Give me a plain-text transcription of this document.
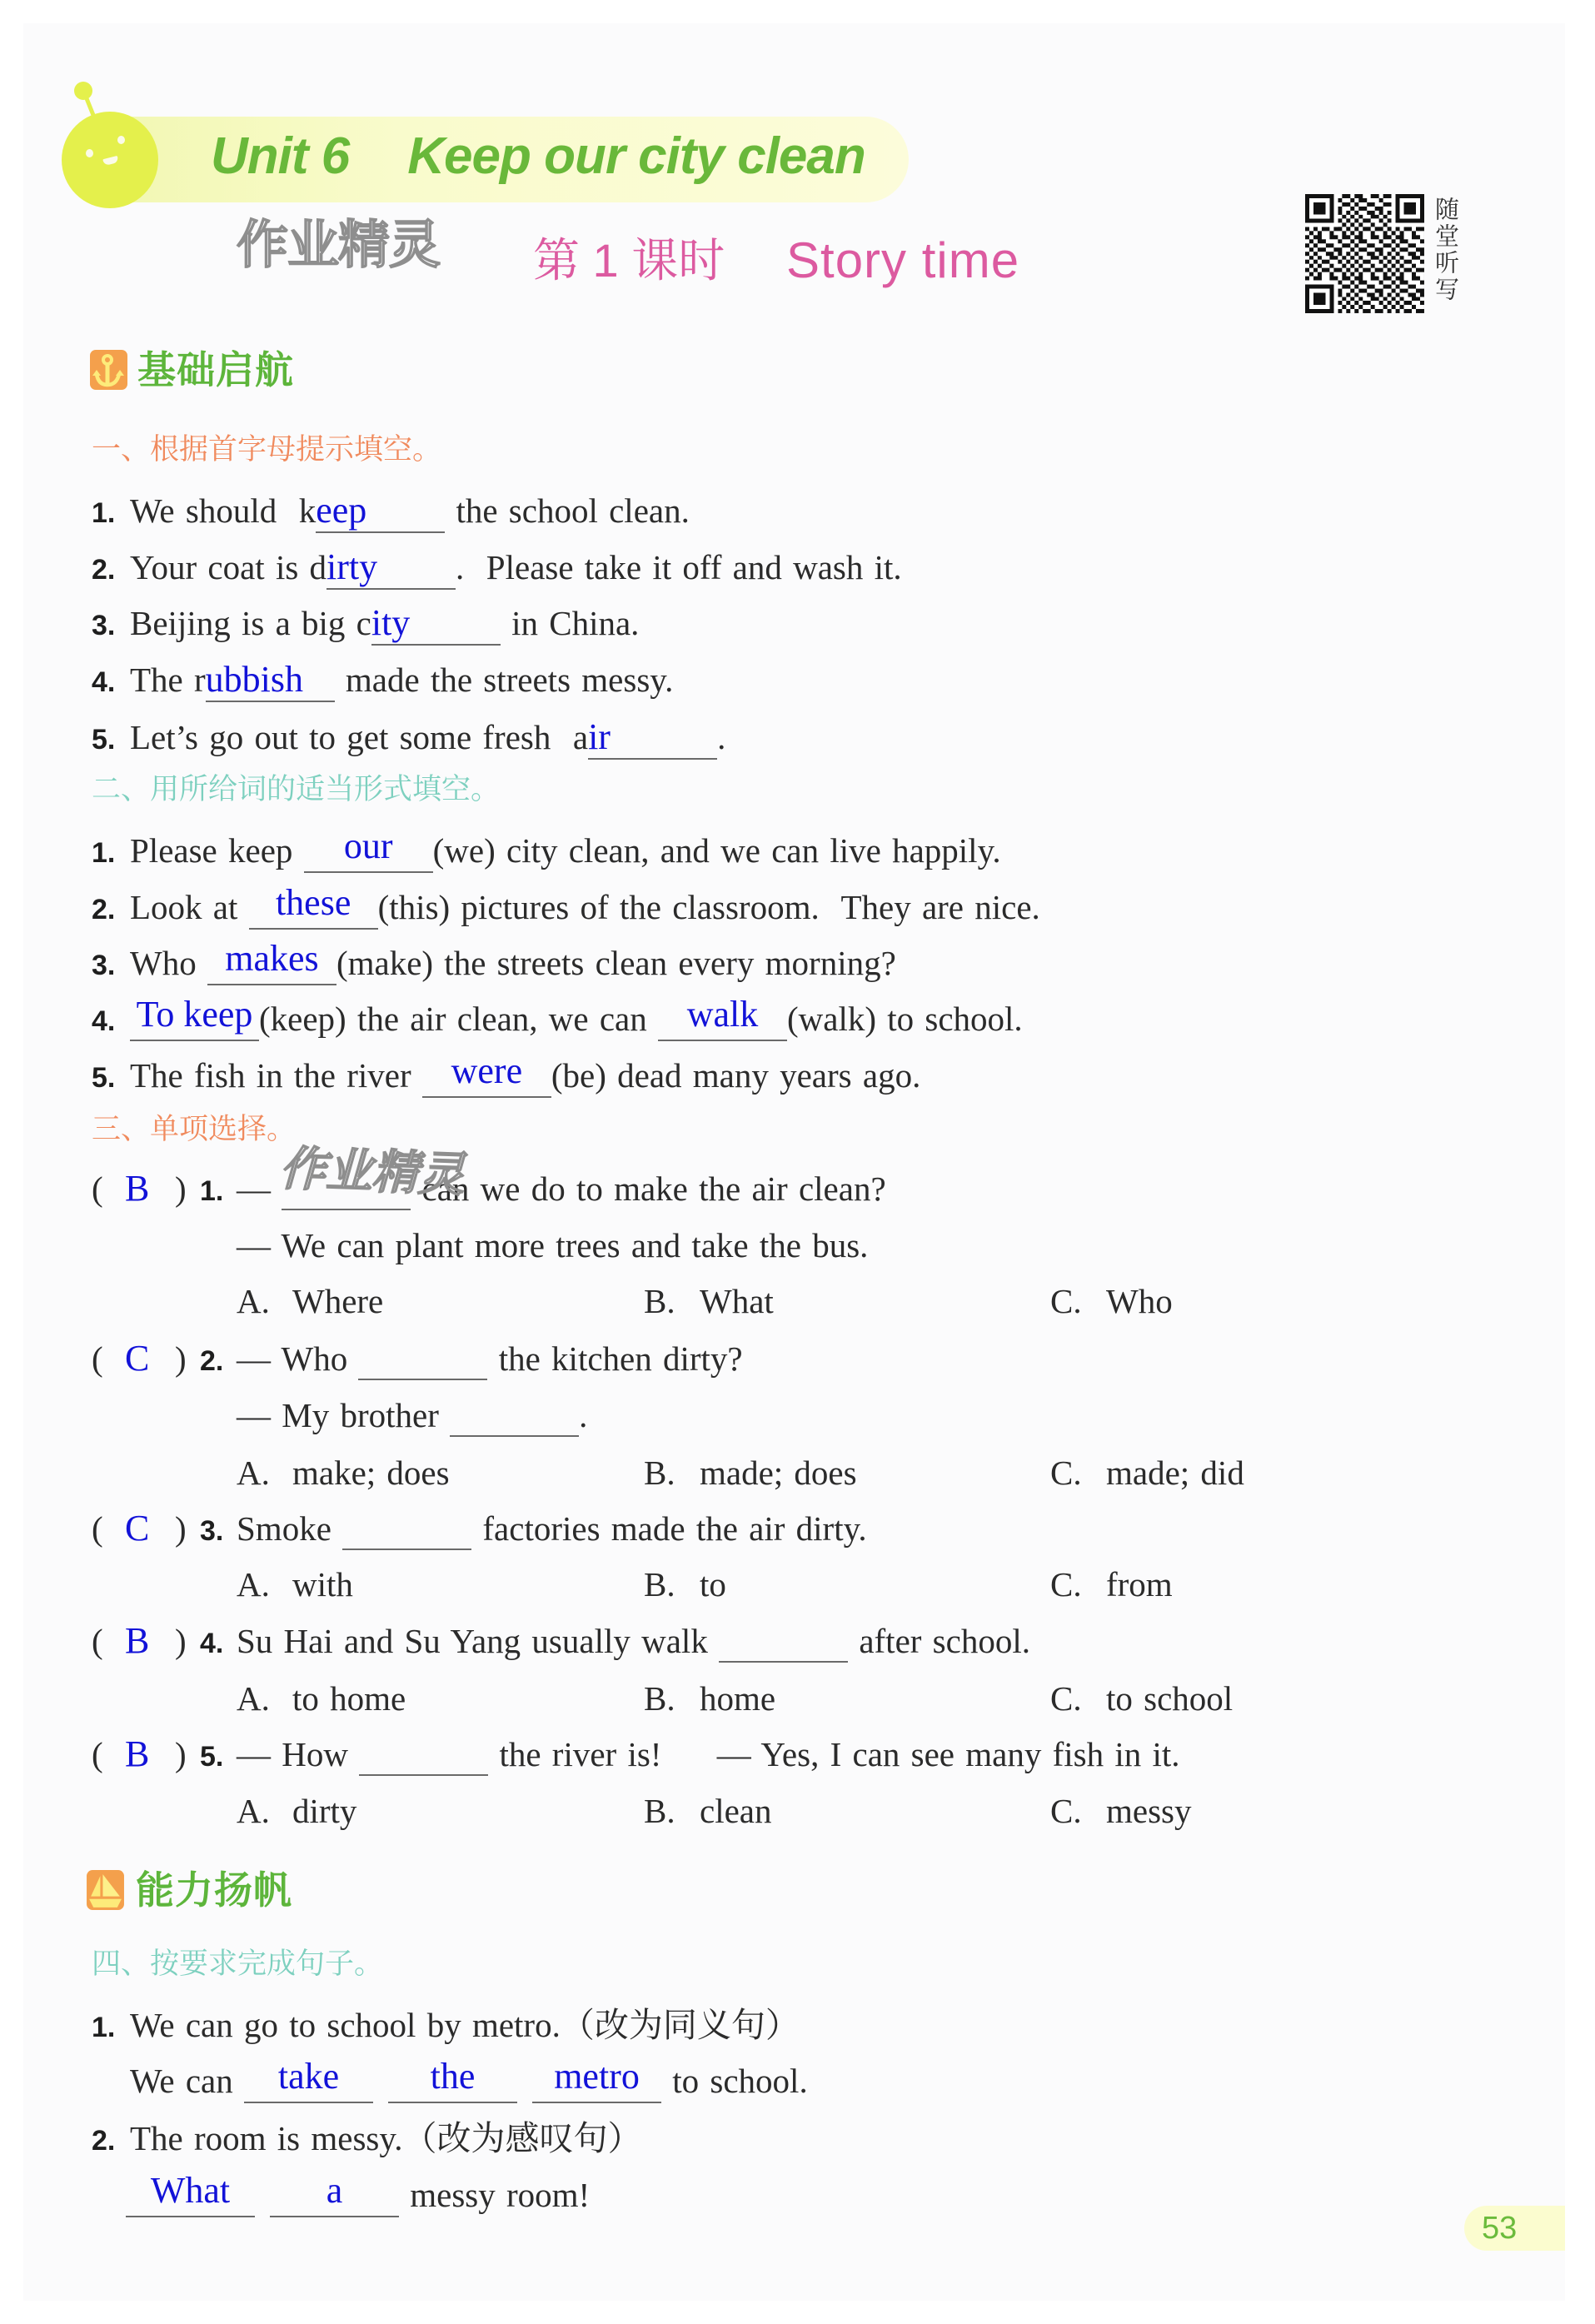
Unit 6 Keep our city clean
作业精灵 第 1 课时 Story time	随堂听写
基础启航
一、根据首字母提示填空。
1. We should  keep the school clean.
2. Your coat is dirty .  Please take it off and wash it.
3. Beijing is a big city	in China.
4. The rubbish made the streets messy.
5. Let’s go out to get some fresh  air	.
二、用所给词的适当形式填空。
1. Please keep our (we) city clean, and we can live happily.
2. Look at these (this) pictures of the classroom.  They are nice.
3. Who makes (make) the streets clean every morning?
4. To keep (keep) the air clean, we can walk (walk) to school.
5. The fish in the river were (be) dead many years ago.
三、单项选择。
( B ) 1. —	can we do to make the air clean?
— We can plant more trees and take the bus.
A. Where	B. What	C. Who
作业精灵
( C ) 2. — Who	the kitchen dirty?
— My brother	.
A. make; does	B. made; does	C. made; did
( C ) 3. Smoke	factories made the air dirty.
A. with	B. to	C. from
( B ) 4. Su Hai and Su Yang usually walk	after school.
A. to home	B. home	C. to school
( B ) 5. — How	the river is!     — Yes, I can see many fish in it.
A. dirty	B. clean	C. messy
能力扬帆
四、按要求完成句子。
1. We can go to school by metro.（改为同义句）
We can take the metro to school.
2. The room is messy.（改为感叹句）
What	a messy room!
53
